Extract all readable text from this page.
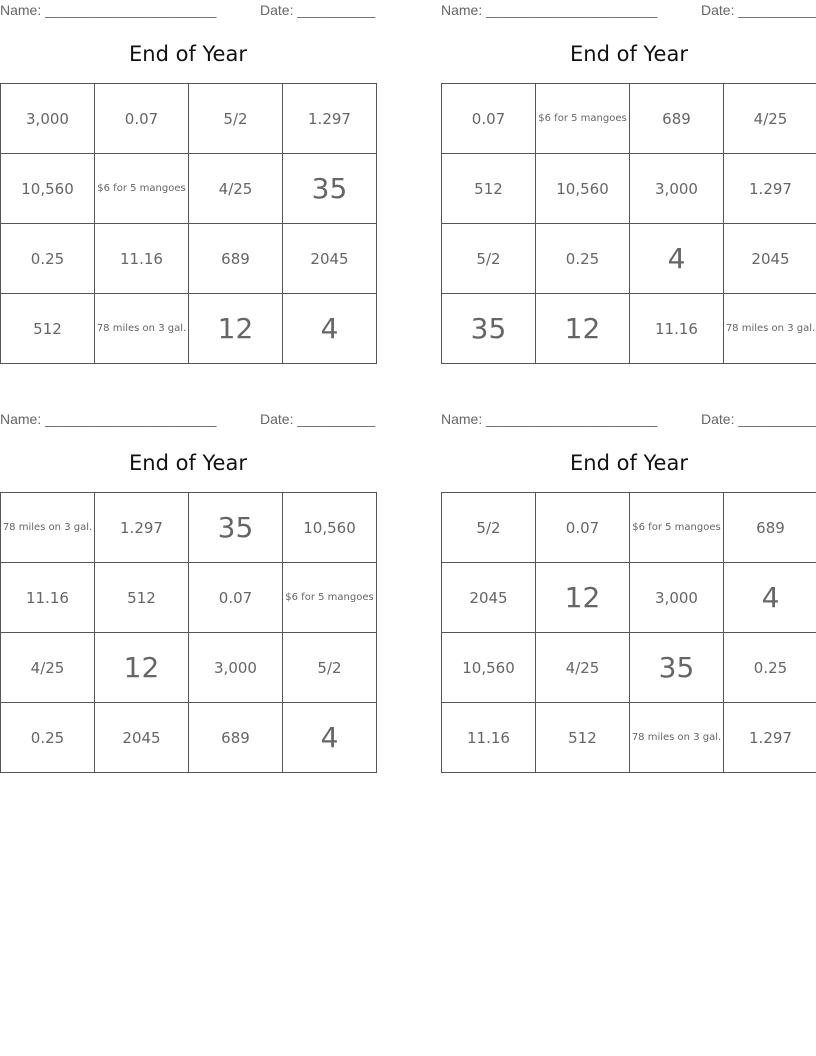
Name: ______________________	Date: __________
End of Year
3,000	0.07	5/2	1.297
10,560	$6 for 5 mangoes	4/25	35
0.25	11.16	689	2045
512	78 miles on 3 gal.	12	4
Name: ______________________	Date: __________
End of Year
0.07	$6 for 5 mangoes	689	4/25
512	10,560	3,000	1.297
5/2	0.25	4	2045
35	12	11.16	78 miles on 3 gal.
Name: ______________________	Date: __________
End of Year
78 miles on 3 gal.	1.297	35	10,560
11.16	512	0.07	$6 for 5 mangoes
4/25	12	3,000	5/2
0.25	2045	689	4
Name: ______________________	Date: __________
End of Year
5/2	0.07	$6 for 5 mangoes	689
2045	12	3,000	4
10,560	4/25	35	0.25
11.16	512	78 miles on 3 gal.	1.297
